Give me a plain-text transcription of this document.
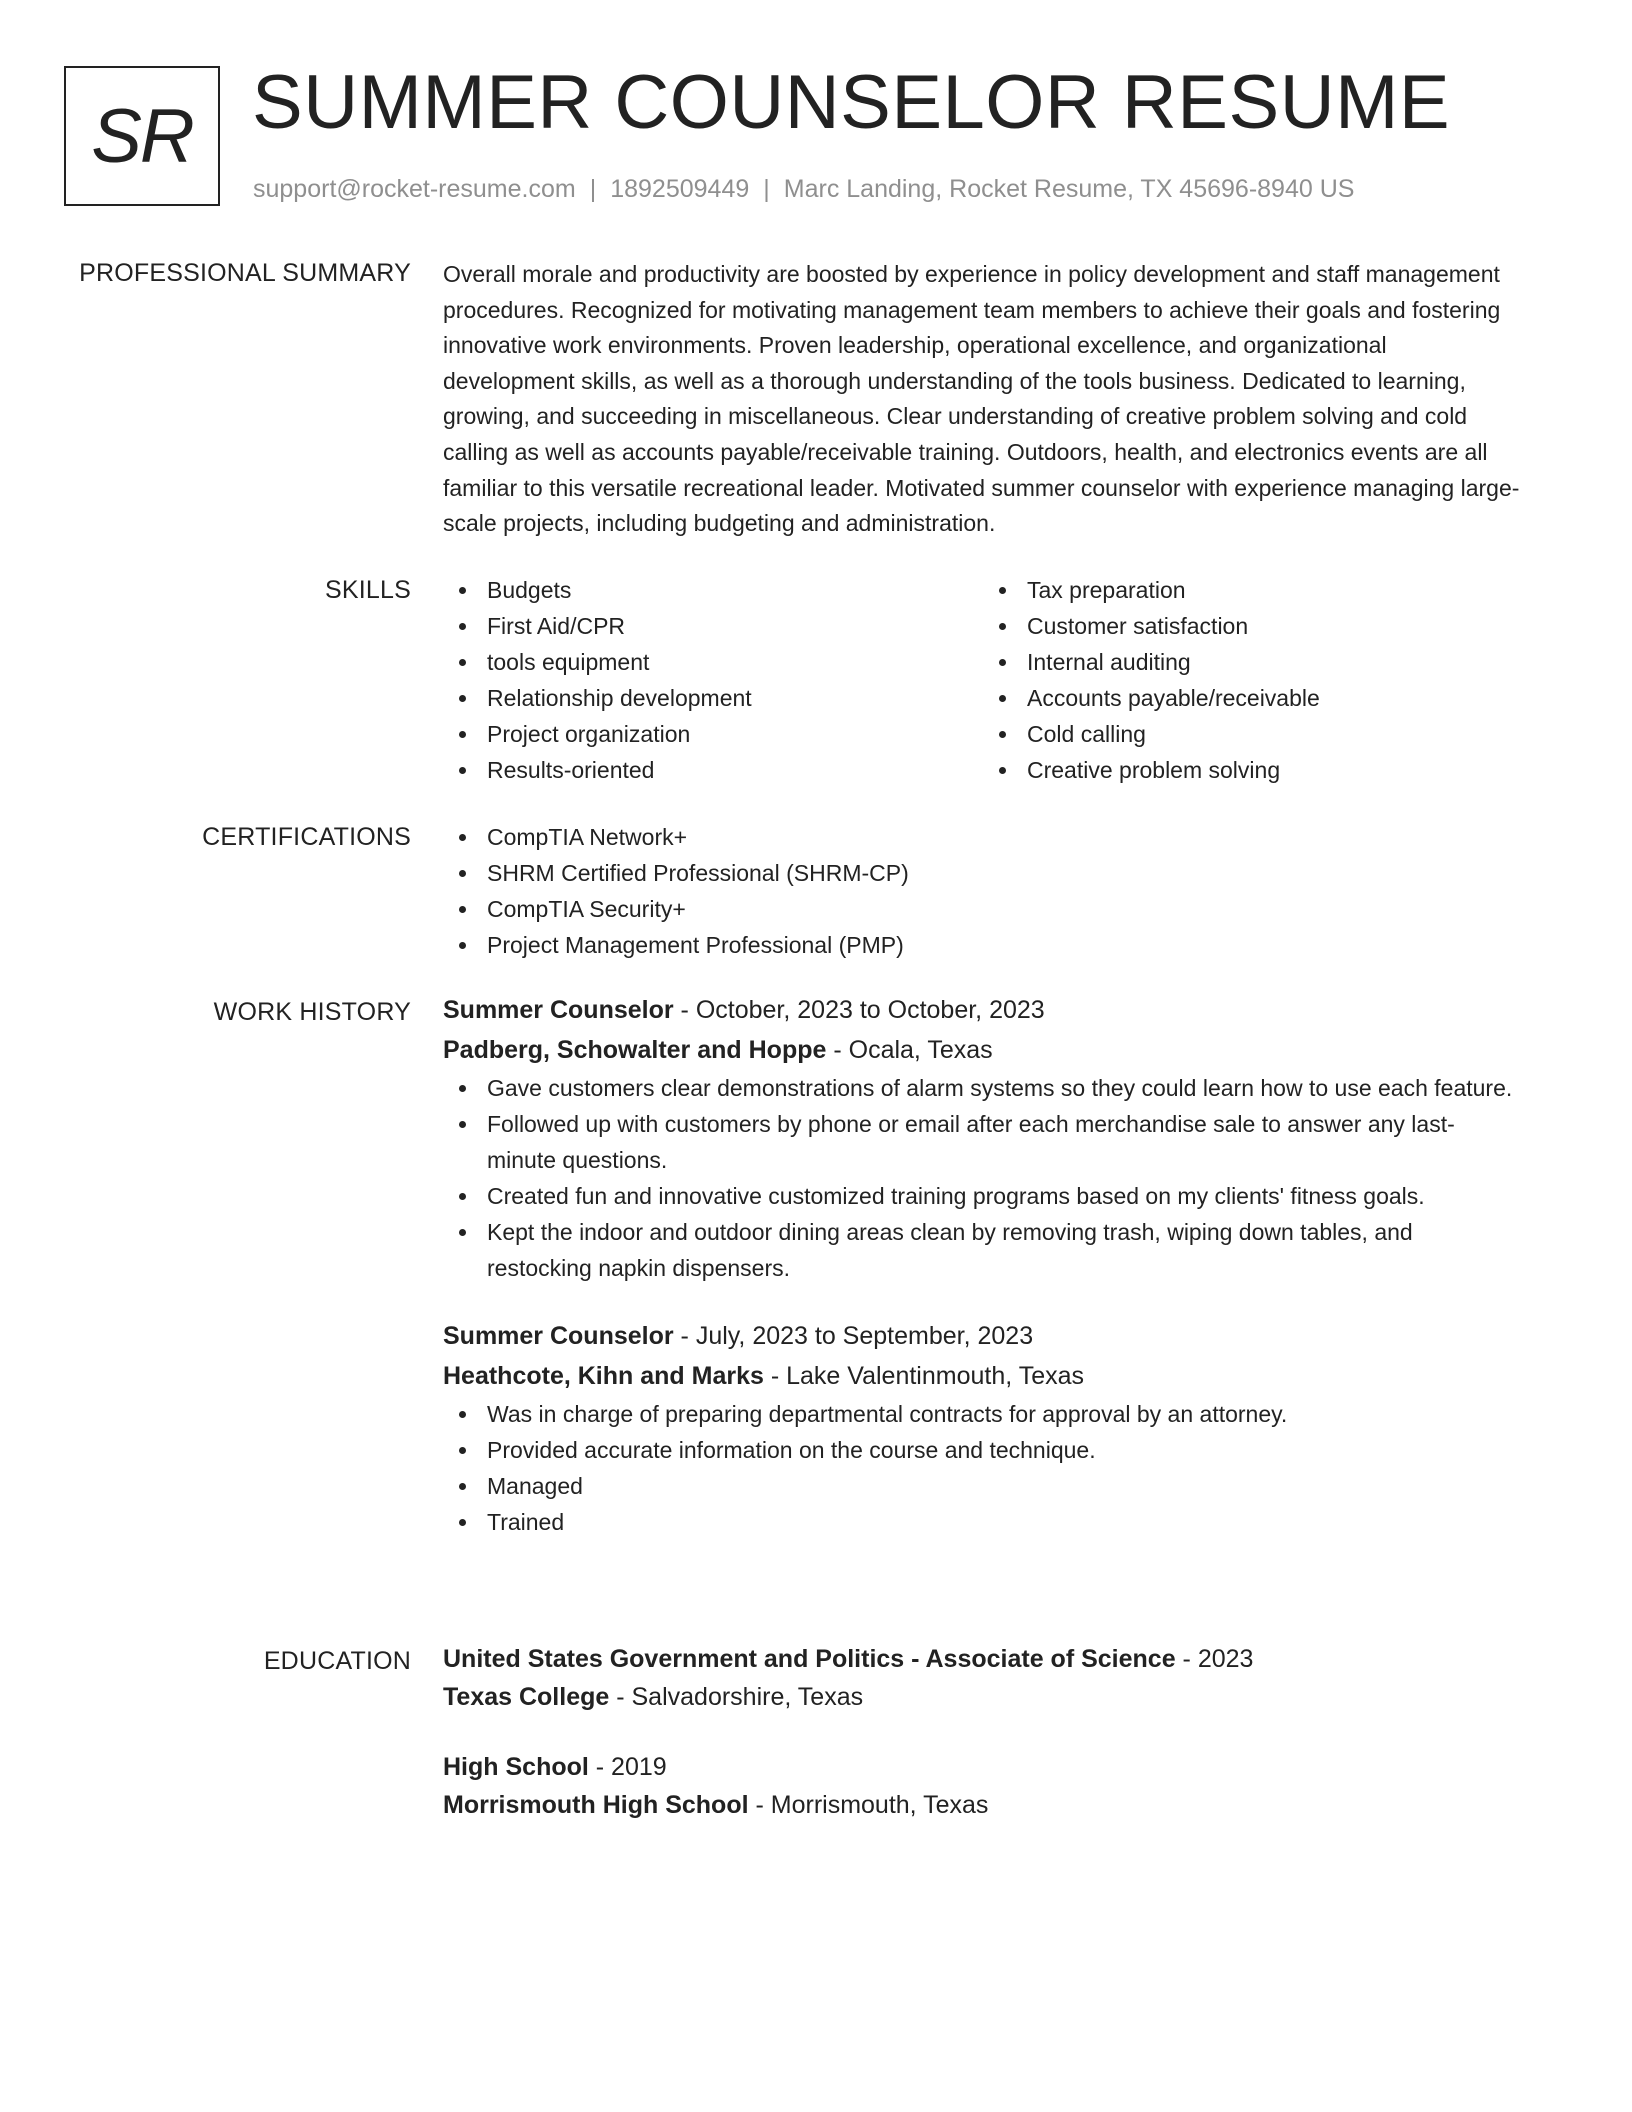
SR SUMMER COUNSELOR RESUME
support@rocket-resume.com | 1892509449 | Marc Landing, Rocket Resume, TX 45696-8940 US
PROFESSIONAL SUMMARY Overall morale and productivity are boosted by experience in policy development and staff management procedures. Recognized for motivating management team members to achieve their goals and fostering innovative work environments. Proven leadership, operational excellence, and organizational development skills, as well as a thorough understanding of the tools business. Dedicated to learning, growing, and succeeding in miscellaneous. Clear understanding of creative problem solving and cold calling as well as accounts payable/receivable training. Outdoors, health, and electronics events are all familiar to this versatile recreational leader. Motivated summer counselor with experience managing large-scale projects, including budgeting and administration.
SKILLS	Budgets
First Aid/CPR
tools equipment
Relationship development
Project organization
Results-oriented
Tax preparation
Customer satisfaction
Internal auditing
Accounts payable/receivable
Cold calling
Creative problem solving
CERTIFICATIONS	CompTIA Network+
SHRM Certified Professional (SHRM-CP)
CompTIA Security+
Project Management Professional (PMP)
WORK HISTORY Summer Counselor - October, 2023 to October, 2023
Padberg, Schowalter and Hoppe - Ocala, Texas
Gave customers clear demonstrations of alarm systems so they could learn how to use each feature.
Followed up with customers by phone or email after each merchandise sale to answer any last-minute questions.
Created fun and innovative customized training programs based on my clients' fitness goals.
Kept the indoor and outdoor dining areas clean by removing trash, wiping down tables, and restocking napkin dispensers.
Summer Counselor - July, 2023 to September, 2023
Heathcote, Kihn and Marks - Lake Valentinmouth, Texas
Was in charge of preparing departmental contracts for approval by an attorney.
Provided accurate information on the course and technique.
Managed
Trained
EDUCATION United States Government and Politics - Associate of Science - 2023
Texas College - Salvadorshire, Texas
High School - 2019
Morrismouth High School - Morrismouth, Texas
